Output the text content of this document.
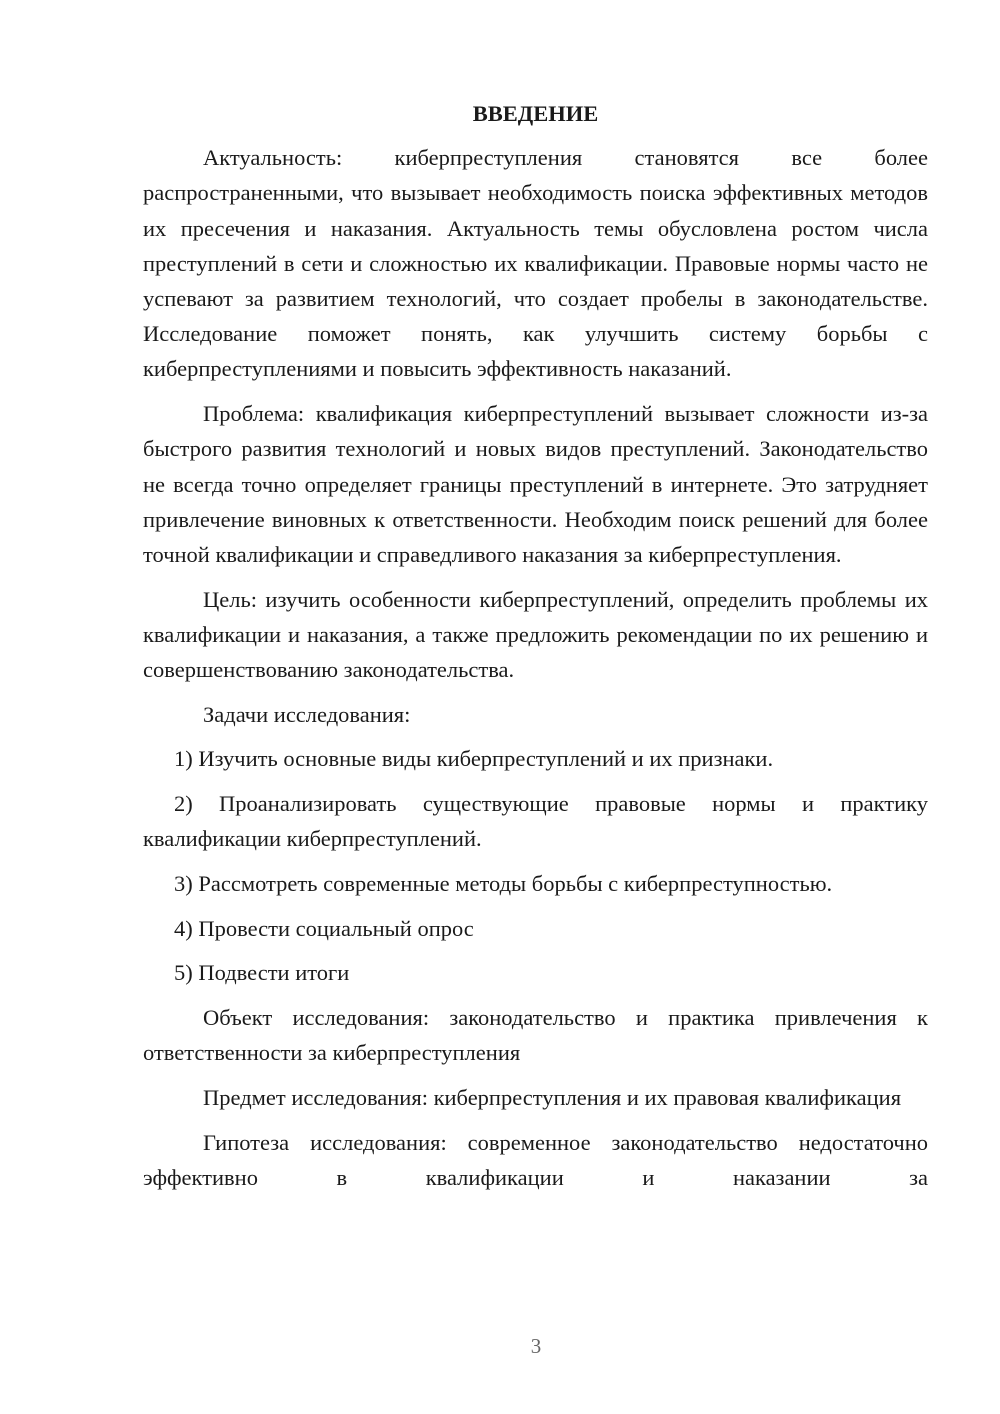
ВВЕДЕНИЕ

Актуальность: киберпреступления становятся все более распространенными, что вызывает необходимость поиска эффективных методов их пресечения и наказания. Актуальность темы обусловлена ростом числа преступлений в сети и сложностью их квалификации. Правовые нормы часто не успевают за развитием технологий, что создает пробелы в законодательстве. Исследование поможет понять, как улучшить систему борьбы с киберпреступлениями и повысить эффективность наказаний.

Проблема: квалификация киберпреступлений вызывает сложности из-за быстрого развития технологий и новых видов преступлений. Законодательство не всегда точно определяет границы преступлений в интернете. Это затрудняет привлечение виновных к ответственности. Необходим поиск решений для более точной квалификации и справедливого наказания за киберпреступления.

Цель: изучить особенности киберпреступлений, определить проблемы их квалификации и наказания, а также предложить рекомендации по их решению и совершенствованию законодательства.

Задачи исследования:

1) Изучить основные виды киберпреступлений и их признаки.

2) Проанализировать существующие правовые нормы и практику квалификации киберпреступлений.

3) Рассмотреть современные методы борьбы с киберпреступностью.

4) Провести социальный опрос

5) Подвести итоги

Объект исследования: законодательство и практика привлечения к ответственности за киберпреступления

Предмет исследования: киберпреступления и их правовая квалификация

Гипотеза исследования: современное законодательство недостаточно эффективно в квалификации и наказании за

3
